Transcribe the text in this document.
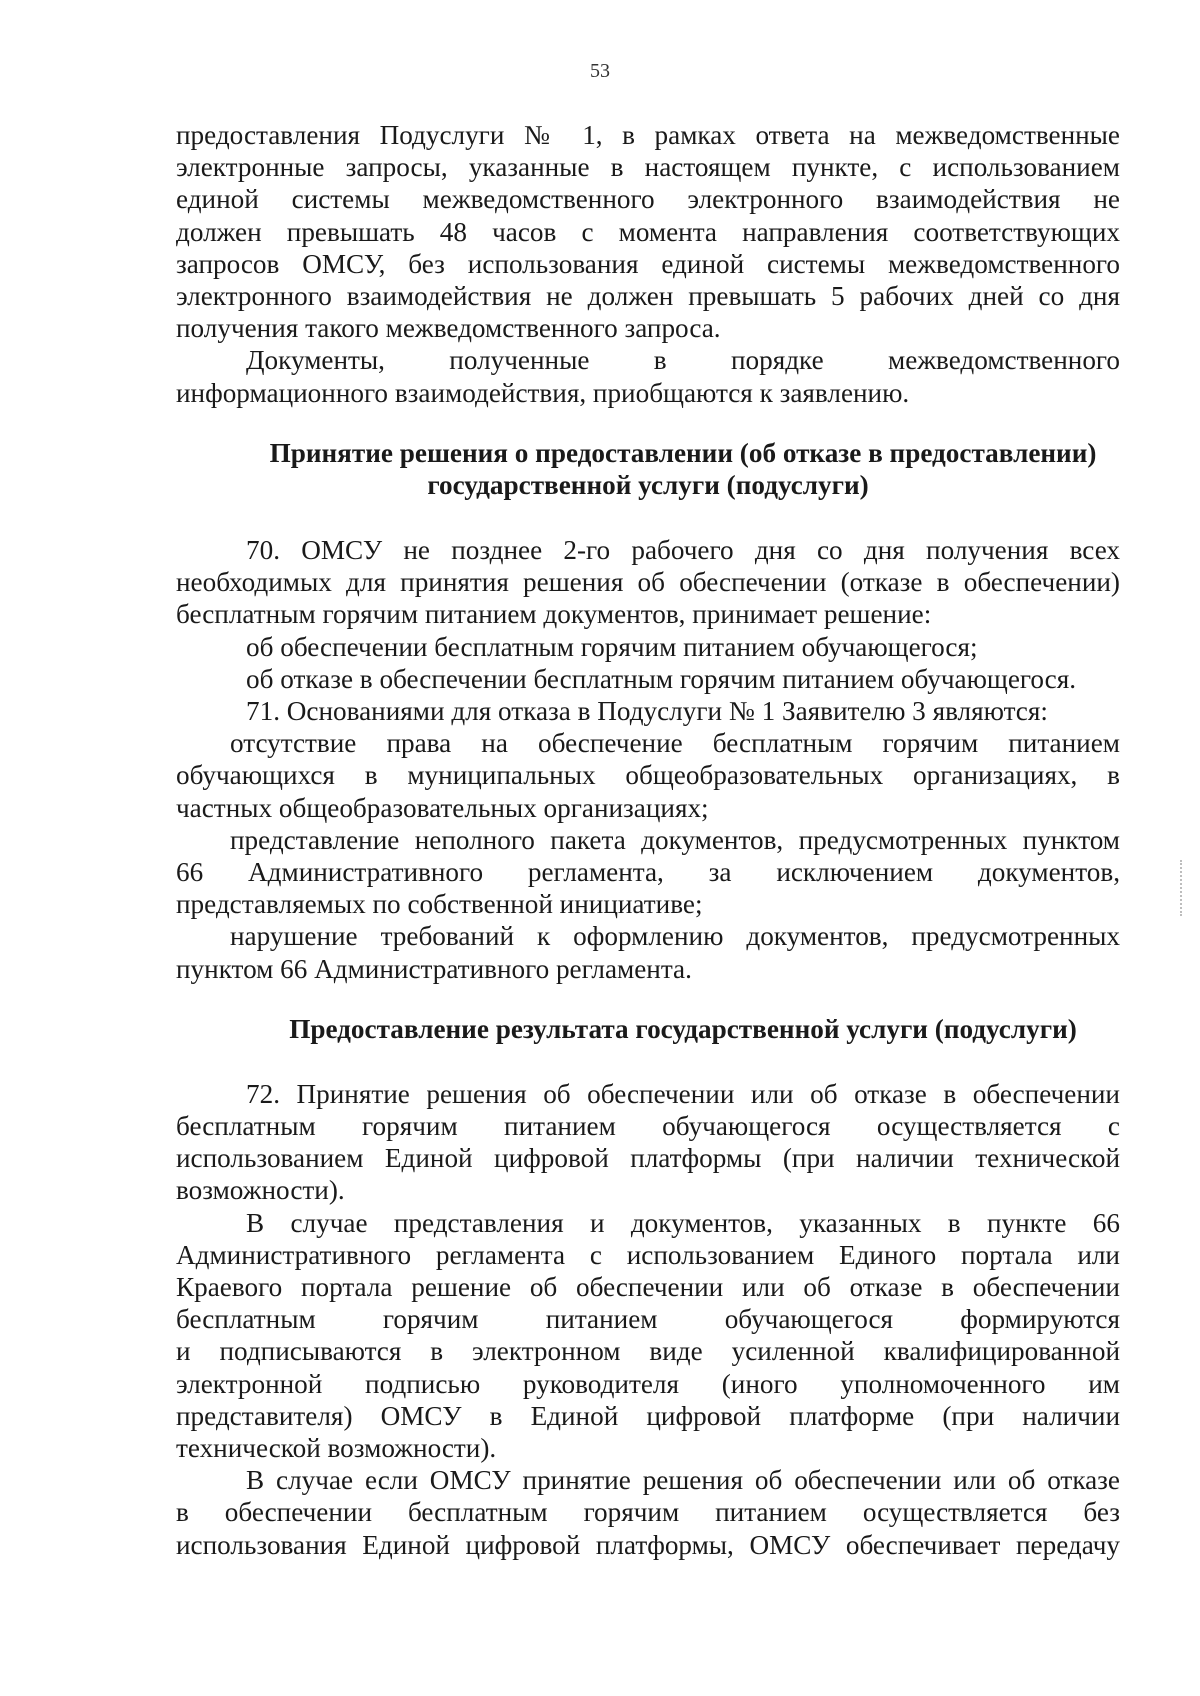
53
предоставления Подуслуги № 1, в рамках ответа на межведомственные
электронные запросы, указанные в настоящем пункте, с использованием
единой системы межведомственного электронного взаимодействия не
должен превышать 48 часов с момента направления соответствующих
запросов ОМСУ, без использования единой системы межведомственного
электронного взаимодействия не должен превышать 5 рабочих дней со дня
получения такого межведомственного запроса.
Документы, полученные в порядке межведомственного
информационного взаимодействия, приобщаются к заявлению.
Принятие решения о предоставлении (об отказе в предоставлении)
государственной услуги (подуслуги)
70. ОМСУ не позднее 2-го рабочего дня со дня получения всех
необходимых для принятия решения об обеспечении (отказе в обеспечении)
бесплатным горячим питанием документов, принимает решение:
об обеспечении бесплатным горячим питанием обучающегося;
об отказе в обеспечении бесплатным горячим питанием обучающегося.
71. Основаниями для отказа в Подуслуги № 1 Заявителю 3 являются:
отсутствие права на обеспечение бесплатным горячим питанием
обучающихся в муниципальных общеобразовательных организациях, в
частных общеобразовательных организациях;
представление неполного пакета документов, предусмотренных пунктом
66 Административного регламента, за исключением документов,
представляемых по собственной инициативе;
нарушение требований к оформлению документов, предусмотренных
пунктом 66 Административного регламента.
Предоставление результата государственной услуги (подуслуги)
72. Принятие решения об обеспечении или об отказе в обеспечении
бесплатным горячим питанием обучающегося осуществляется с
использованием Единой цифровой платформы (при наличии технической
возможности).
В случае представления и документов, указанных в пункте 66
Административного регламента с использованием Единого портала или
Краевого портала решение об обеспечении или об отказе в обеспечении
бесплатным горячим питанием обучающегося формируются
и подписываются в электронном виде усиленной квалифицированной
электронной подписью руководителя (иного уполномоченного им
представителя) ОМСУ в Единой цифровой платформе (при наличии
технической возможности).
В случае если ОМСУ принятие решения об обеспечении или об отказе
в обеспечении бесплатным горячим питанием осуществляется без
использования Единой цифровой платформы, ОМСУ обеспечивает передачу
